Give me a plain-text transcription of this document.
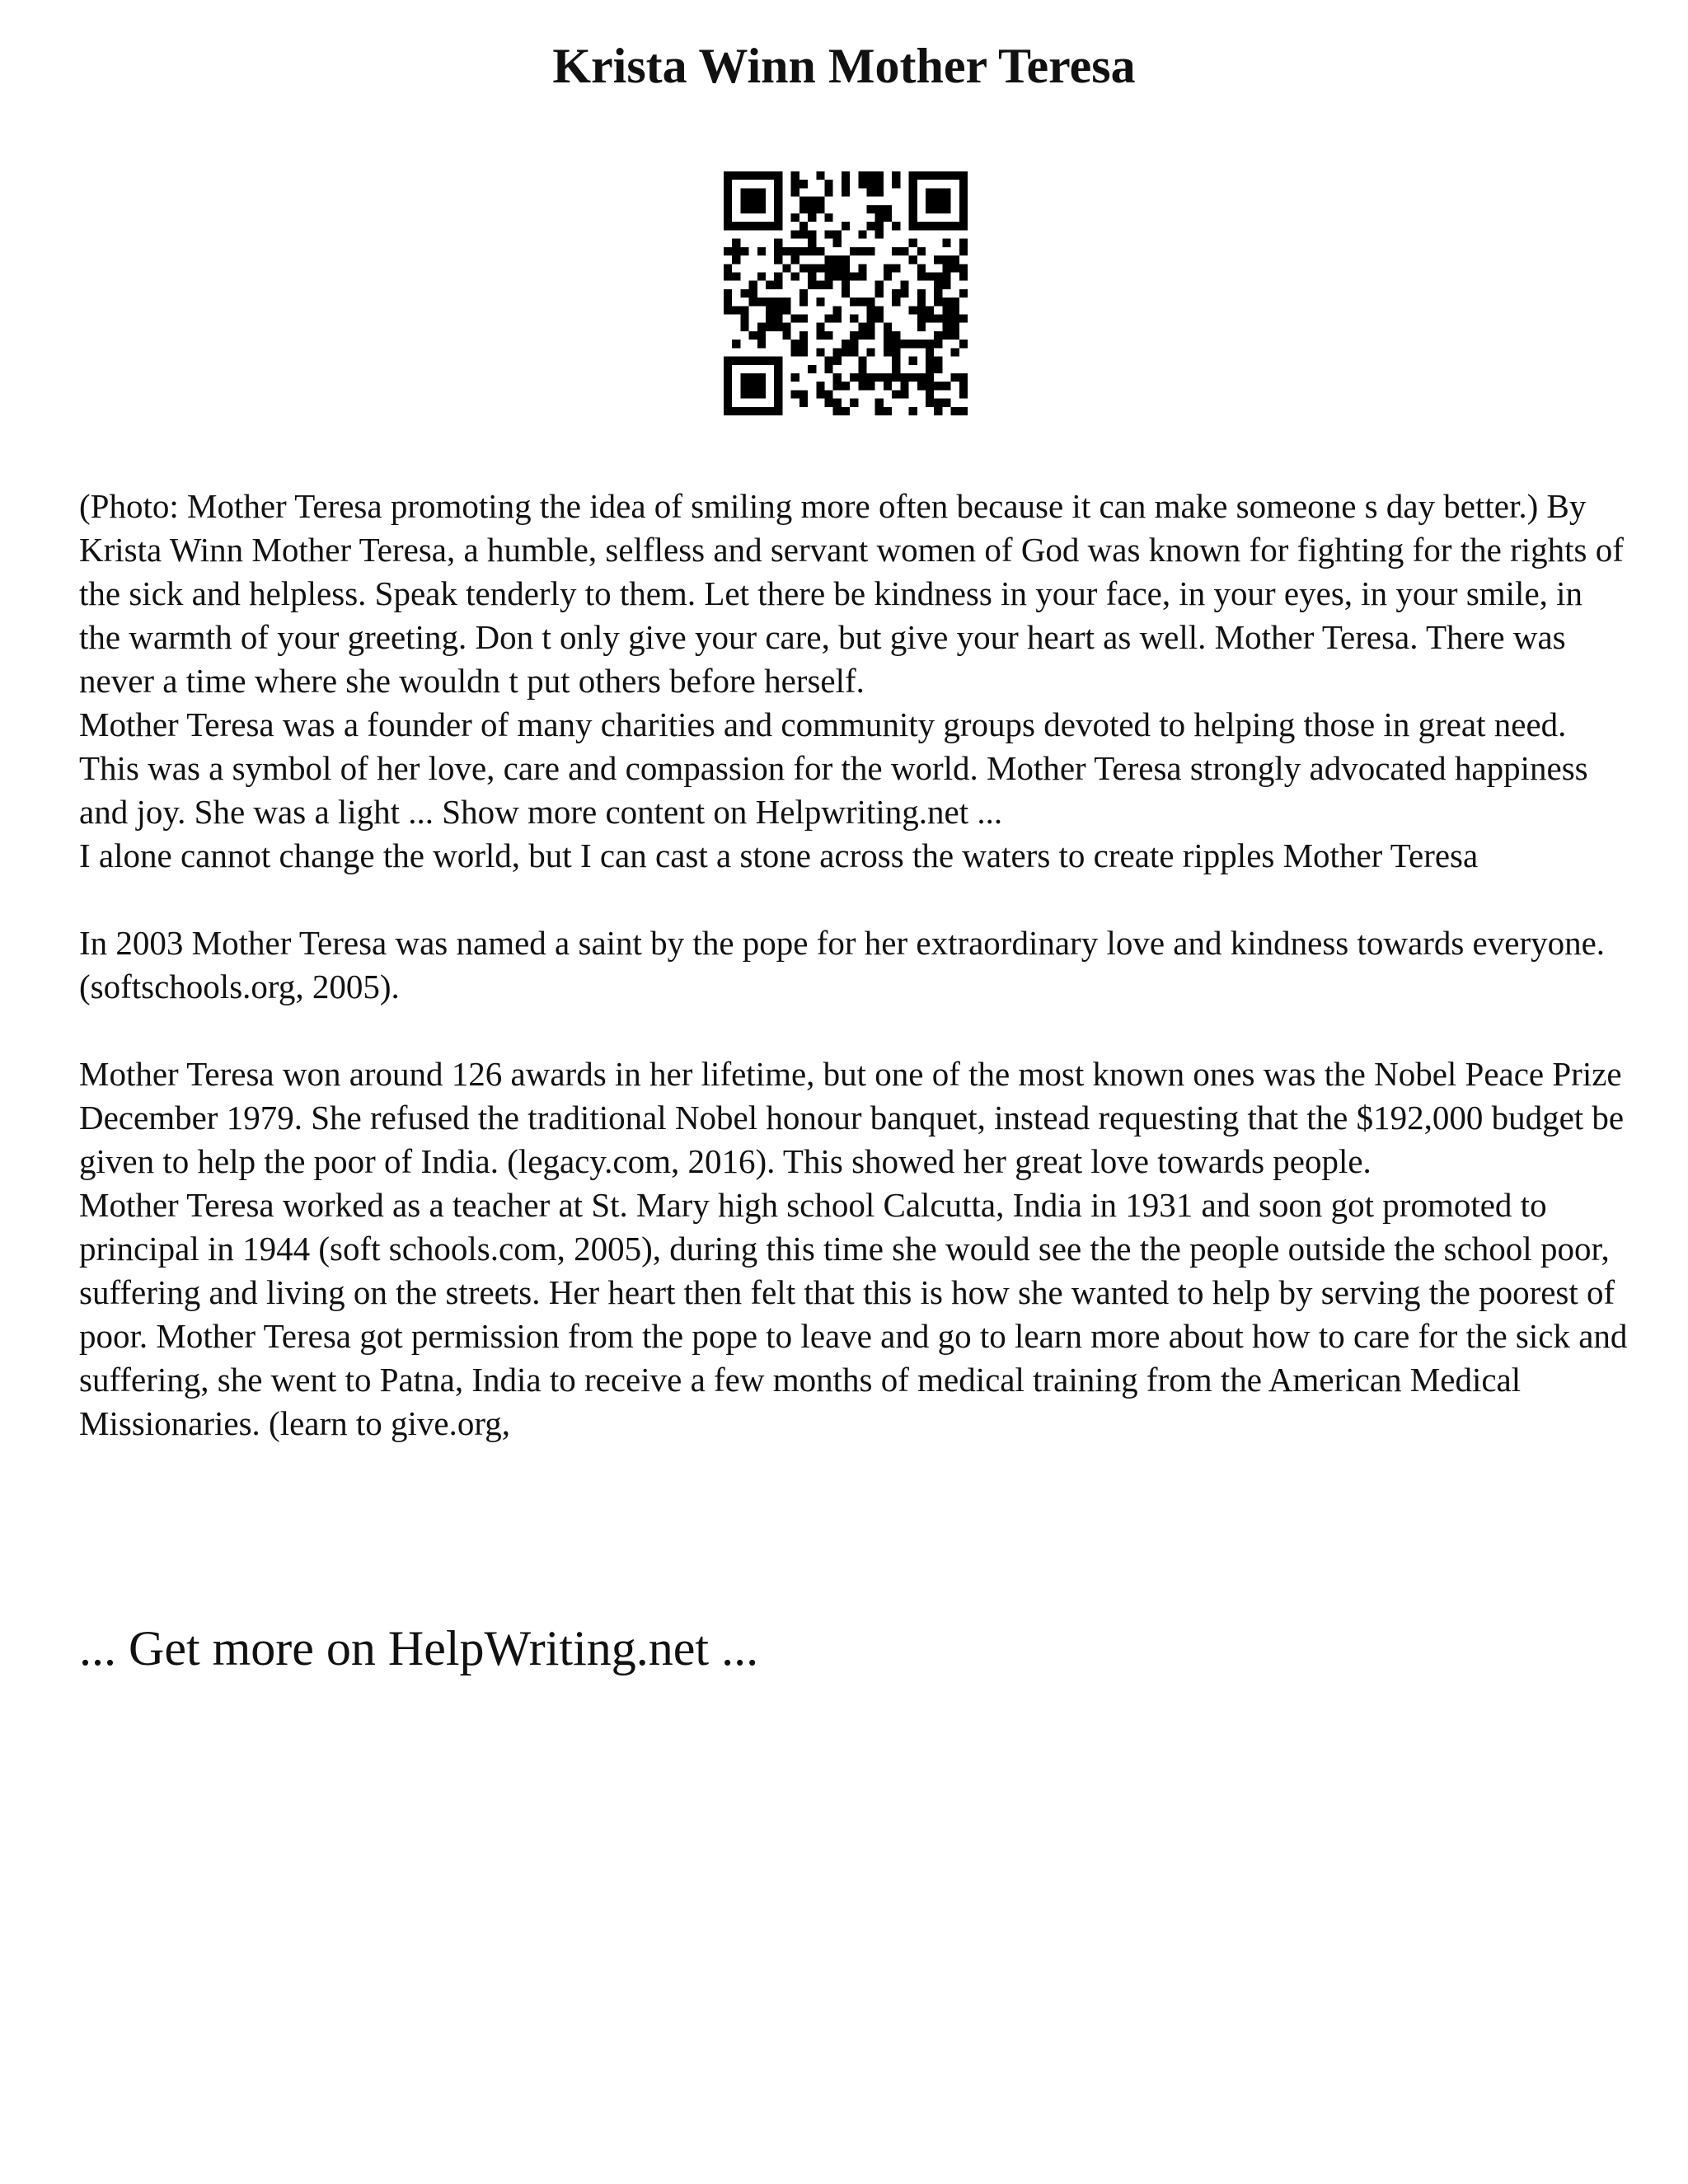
Krista Winn Mother Teresa

(Photo: Mother Teresa promoting the idea of smiling more often because it can make someone s day better.) By Krista Winn Mother Teresa, a humble, selfless and servant women of God was known for fighting for the rights of the sick and helpless. Speak tenderly to them. Let there be kindness in your face, in your eyes, in your smile, in the warmth of your greeting. Don t only give your care, but give your heart as well. Mother Teresa. There was never a time where she wouldn t put others before herself.

Mother Teresa was a founder of many charities and community groups devoted to helping those in great need. This was a symbol of her love, care and compassion for the world. Mother Teresa strongly advocated happiness and joy. She was a light ... Show more content on Helpwriting.net ...

I alone cannot change the world, but I can cast a stone across the waters to create ripples Mother Teresa

In 2003 Mother Teresa was named a saint by the pope for her extraordinary love and kindness towards everyone. (softschools.org, 2005).

Mother Teresa won around 126 awards in her lifetime, but one of the most known ones was the Nobel Peace Prize December 1979. She refused the traditional Nobel honour banquet, instead requesting that the $192,000 budget be given to help the poor of India. (legacy.com, 2016). This showed her great love towards people.

Mother Teresa worked as a teacher at St. Mary high school Calcutta, India in 1931 and soon got promoted to principal in 1944 (soft schools.com, 2005), during this time she would see the the people outside the school poor, suffering and living on the streets. Her heart then felt that this is how she wanted to help by serving the poorest of poor. Mother Teresa got permission from the pope to leave and go to learn more about how to care for the sick and suffering, she went to Patna, India to receive a few months of medical training from the American Medical Missionaries. (learn to give.org,

... Get more on HelpWriting.net ...
